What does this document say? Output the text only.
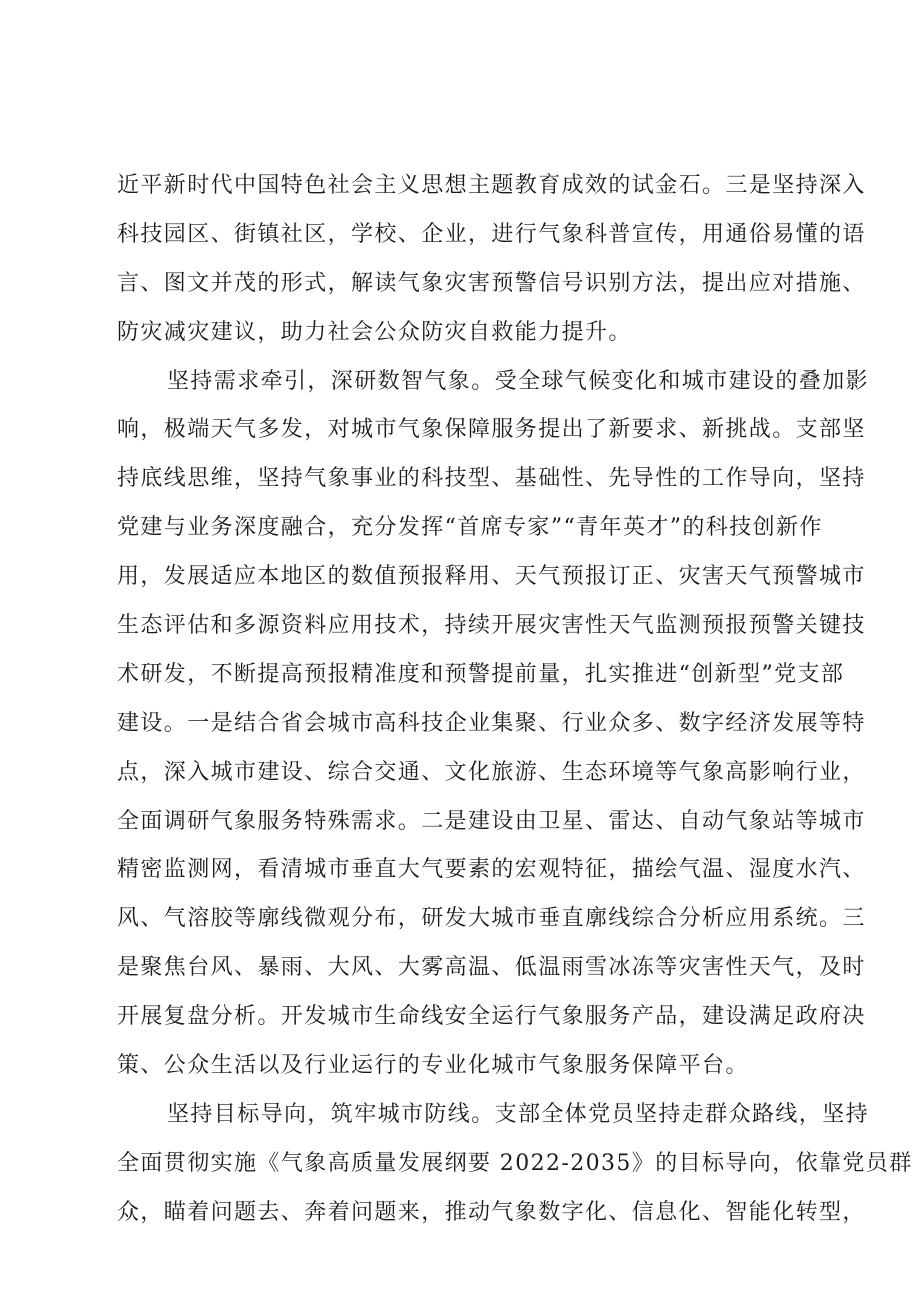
近平新时代中国特色社会主义思想主题教育成效的试金石。三是坚持深入
科技园区、街镇社区，学校、企业，进行气象科普宣传，用通俗易懂的语
言、图文并茂的形式，解读气象灾害预警信号识别方法，提出应对措施、
防灾减灾建议，助力社会公众防灾自救能力提升。
坚持需求牵引，深研数智气象。受全球气候变化和城市建设的叠加影
响，极端天气多发，对城市气象保障服务提出了新要求、新挑战。支部坚
持底线思维，坚持气象事业的科技型、基础性、先导性的工作导向，坚持
党建与业务深度融合，充分发挥“首席专家”“青年英才”的科技创新作
用，发展适应本地区的数值预报释用、天气预报订正、灾害天气预警城市
生态评估和多源资料应用技术，持续开展灾害性天气监测预报预警关键技
术研发，不断提高预报精准度和预警提前量，扎实推进“创新型”党支部
建设。一是结合省会城市高科技企业集聚、行业众多、数字经济发展等特
点，深入城市建设、综合交通、文化旅游、生态环境等气象高影响行业，
全面调研气象服务特殊需求。二是建设由卫星、雷达、自动气象站等城市
精密监测网，看清城市垂直大气要素的宏观特征，描绘气温、湿度水汽、
风、气溶胶等廓线微观分布，研发大城市垂直廓线综合分析应用系统。三
是聚焦台风、暴雨、大风、大雾高温、低温雨雪冰冻等灾害性天气，及时
开展复盘分析。开发城市生命线安全运行气象服务产品，建设满足政府决
策、公众生活以及行业运行的专业化城市气象服务保障平台。
坚持目标导向，筑牢城市防线。支部全体党员坚持走群众路线，坚持
全面贯彻实施《气象高质量发展纲要 2022-2035》的目标导向，依靠党员群
众，瞄着问题去、奔着问题来，推动气象数字化、信息化、智能化转型，
